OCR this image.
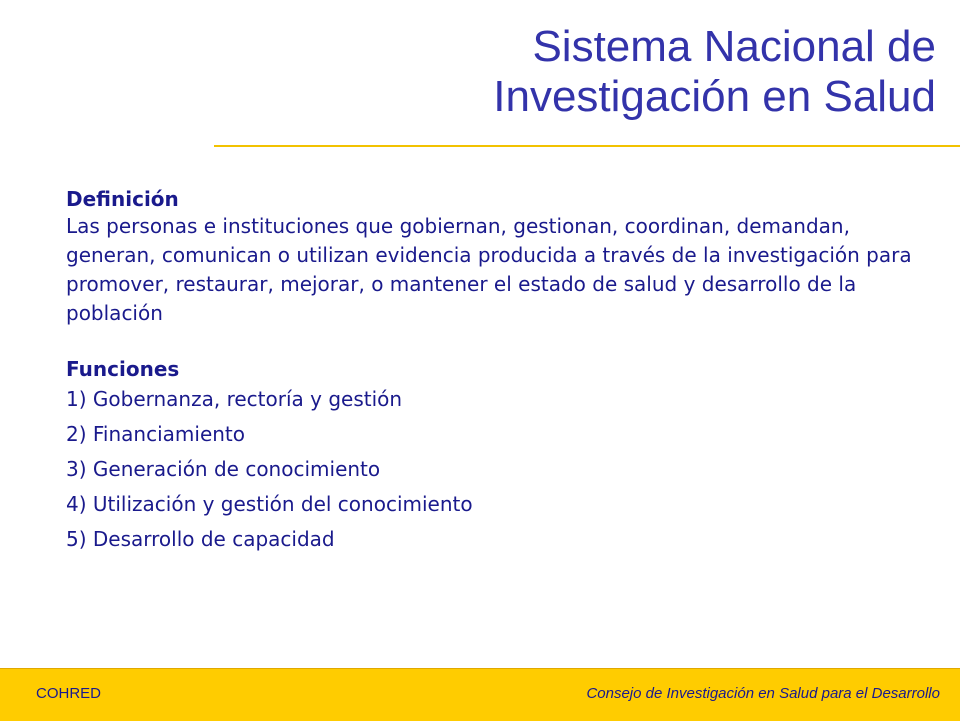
Sistema Nacional de
Investigación en Salud
Definición

Las personas e instituciones que gobiernan, gestionan, coordinan, demandan, generan, comunican o utilizan evidencia producida a través de la investigación para promover, restaurar, mejorar, o mantener el estado de salud y desarrollo de la población

Funciones
1) Gobernanza, rectoría y gestión
2) Financiamiento
3) Generación de conocimiento
4) Utilización y gestión del conocimiento
5) Desarrollo de capacidad
COHRED	Consejo de Investigación en Salud para el Desarrollo
